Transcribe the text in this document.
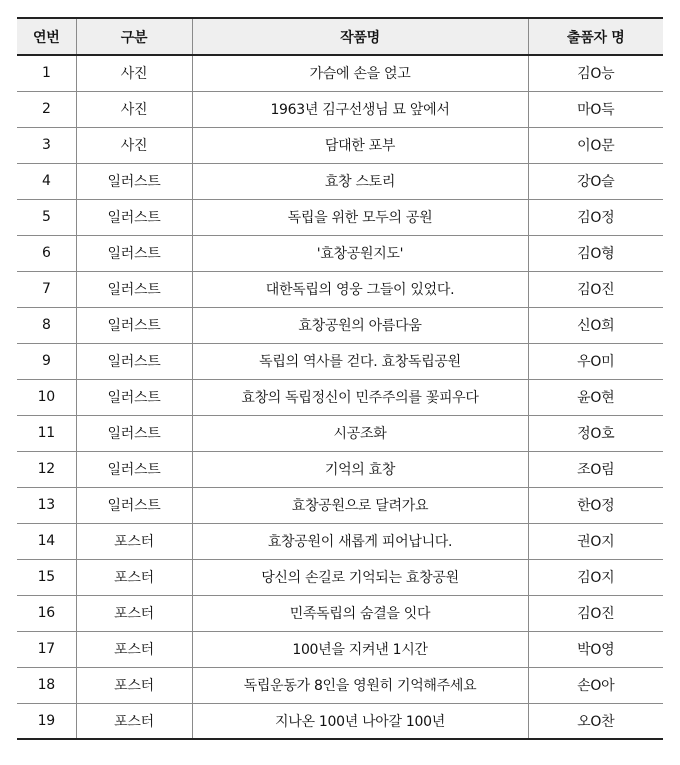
연번	구분	작품명	출품자 명
1	사진	가슴에 손을 얹고	김O능
2	사진	1963년 김구선생님 묘 앞에서	마O득
3	사진	담대한 포부	이O문
4	일러스트	효창 스토리	강O슬
5	일러스트	독립을 위한 모두의 공원	김O정
6	일러스트	'효창공원지도'	김O형
7	일러스트	대한독립의 영웅 그들이 있었다.	김O진
8	일러스트	효창공원의 아름다움	신O희
9	일러스트	독립의 역사를 걷다. 효창독립공원	우O미
10	일러스트	효창의 독립정신이 민주주의를 꽃피우다	윤O현
11	일러스트	시공조화	정O호
12	일러스트	기억의 효창	조O림
13	일러스트	효창공원으로 달려가요	한O정
14	포스터	효창공원이 새롭게 피어납니다.	권O지
15	포스터	당신의 손길로 기억되는 효창공원	김O지
16	포스터	민족독립의 숨결을 잇다	김O진
17	포스터	100년을 지켜낸 1시간	박O영
18	포스터	독립운동가 8인을 영원히 기억해주세요	손O아
19	포스터	지나온 100년 나아갈 100년	오O찬
